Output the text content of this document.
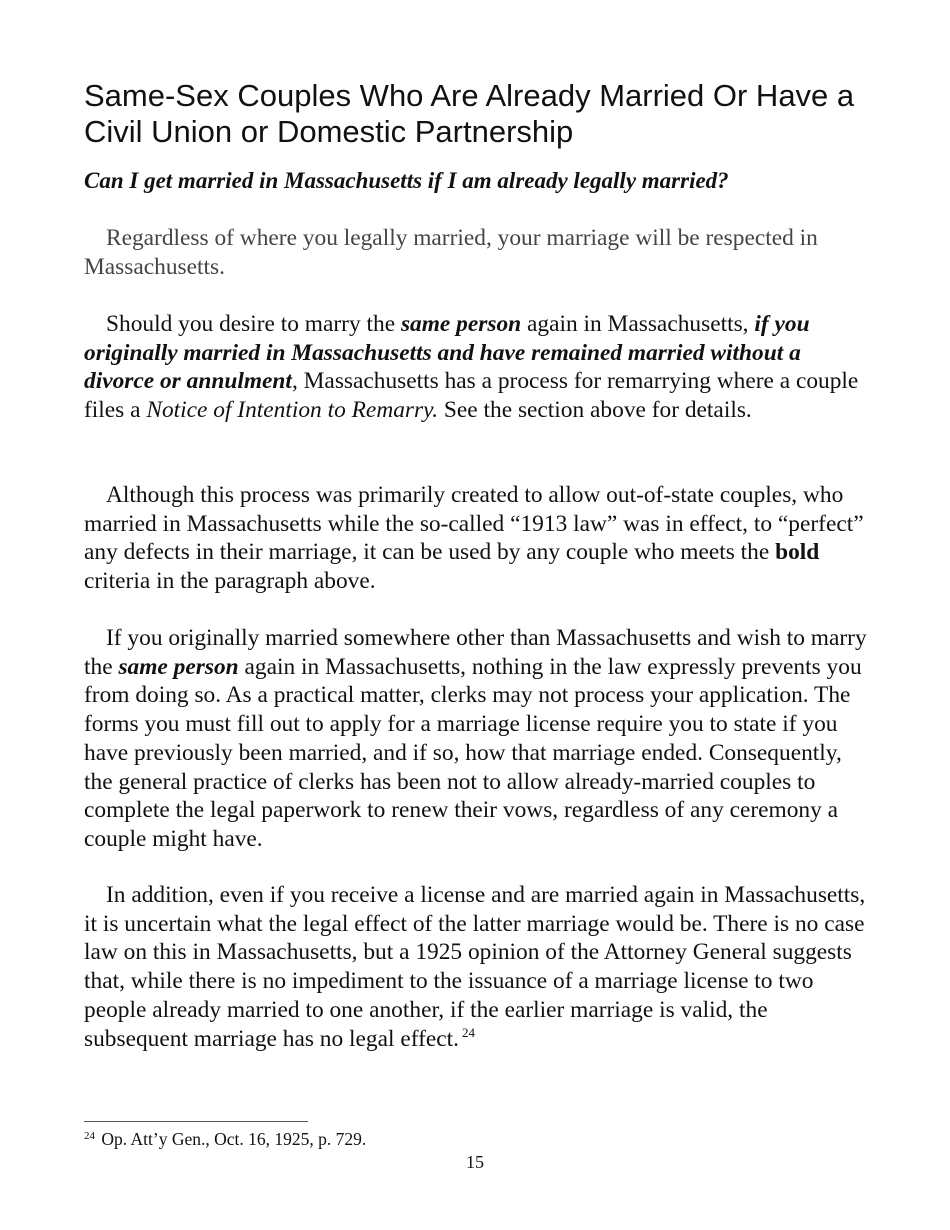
Same-Sex Couples Who Are Already Married Or Have a
Civil Union or Domestic Partnership

Can I get married in Massachusetts if I am already legally married?

Regardless of where you legally married, your marriage will be respected in Massachusetts.

Should you desire to marry the same person again in Massachusetts, if you originally married in Massachusetts and have remained married without a divorce or annulment, Massachusetts has a process for remarrying where a couple files a Notice of Intention to Remarry. See the section above for details.

Although this process was primarily created to allow out-of-state couples, who married in Massachusetts while the so-called “1913 law” was in effect, to “perfect” any defects in their marriage, it can be used by any couple who meets the bold criteria in the paragraph above.

If you originally married somewhere other than Massachusetts and wish to marry the same person again in Massachusetts, nothing in the law expressly prevents you from doing so. As a practical matter, clerks may not process your application. The forms you must fill out to apply for a marriage license require you to state if you have previously been married, and if so, how that marriage ended. Consequently, the general practice of clerks has been not to allow already-married couples to complete the legal paperwork to renew their vows, regardless of any ceremony a couple might have.

In addition, even if you receive a license and are married again in Massachusetts, it is uncertain what the legal effect of the latter marriage would be. There is no case law on this in Massachusetts, but a 1925 opinion of the Attorney General suggests that, while there is no impediment to the issuance of a marriage license to two people already married to one another, if the earlier marriage is valid, the subsequent marriage has no legal effect. $^{24}$

$^{24}$ Op. Att’y Gen., Oct. 16, 1925, p. 729.

15
